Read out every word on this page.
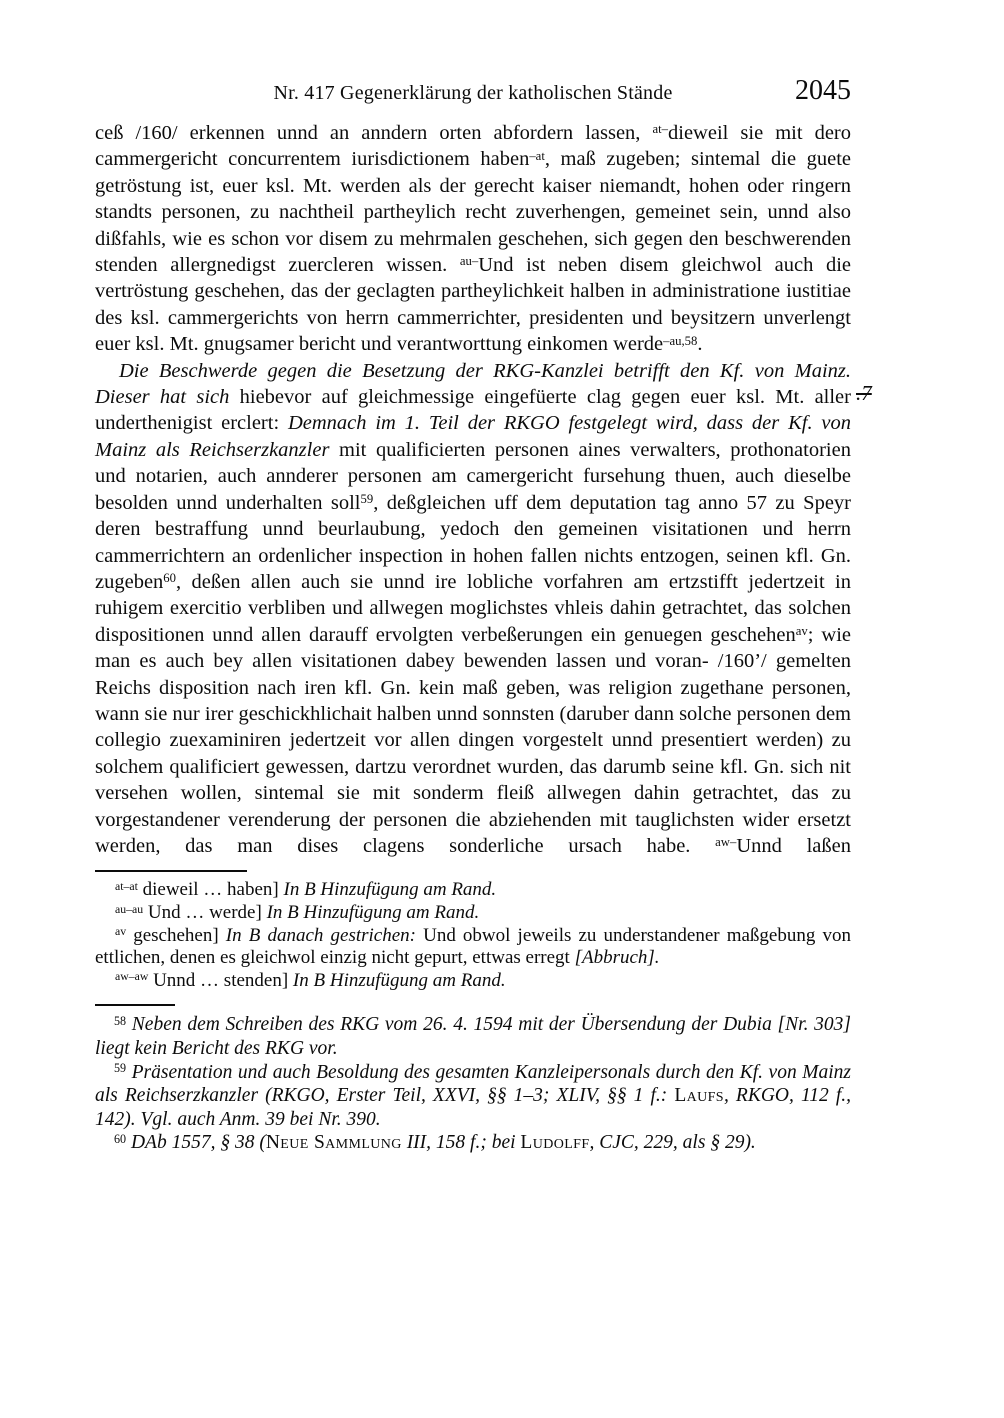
.7
Nr. 417 Gegenerklärung der katholischen Stände	2045

ceß /160/ erkennen unnd an anndern orten abfordern lassen, $^{at-}$dieweil sie mit dero cammergericht concurrentem iurisdictionem haben$^{-at}$, maß zugeben; sintemal die guete getröstung ist, euer ksl. Mt. werden als der gerecht kaiser niemandt, hohen oder ringern standts personen, zu nachtheil partheylich recht zuverhengen, gemeinet sein, unnd also dißfahls, wie es schon vor disem zu mehrmalen geschehen, sich gegen den beschwerenden stenden allergnedigst zuercleren wissen. $^{au-}$Und ist neben disem gleichwol auch die vertröstung geschehen, das der geclagten partheylichkeit halben in administratione iustitiae des ksl. cammergerichts von herrn cammerrichter, presidenten und beysitzern unverlengt euer ksl. Mt. gnugsamer bericht und verantworttung einkomen werde$^{-au,58}$.

Die Beschwerde gegen die Besetzung der RKG-Kanzlei betrifft den Kf. von Mainz. Dieser hat sich hiebevor auf gleichmessige eingefüerte clag gegen euer ksl. Mt. aller underthenigist erclert: Demnach im 1. Teil der RKGO festgelegt wird, dass der Kf. von Mainz als Reichserzkanzler mit qualificierten personen aines verwalters, prothonatorien und notarien, auch annderer personen am camergericht fursehung thuen, auch dieselbe besolden unnd underhalten soll$^{59}$, deßgleichen uff dem deputation tag anno 57 zu Speyr deren bestraffung unnd beurlaubung, yedoch den gemeinen visitationen und herrn cammerrichtern an ordenlicher inspection in hohen fallen nichts entzogen, seinen kfl. Gn. zugeben$^{60}$, deßen allen auch sie unnd ire lobliche vorfahren am ertzstifft jedertzeit in ruhigem exercitio verbliben und allwegen moglichstes vhleis dahin getrachtet, das solchen dispositionen unnd allen darauff ervolgten verbeßerungen ein genuegen geschehen$^{av}$; wie man es auch bey allen visitationen dabey bewenden lassen und voran- /160’/ gemelten Reichs disposition nach iren kfl. Gn. kein maß geben, was religion zugethane personen, wann sie nur irer geschickhlichait halben unnd sonnsten (daruber dann solche personen dem collegio zuexaminiren jedertzeit vor allen dingen vorgestelt unnd presentiert werden) zu solchem qualificiert gewessen, dartzu verordnet wurden, das darumb seine kfl. Gn. sich nit versehen wollen, sintemal sie mit sonderm fleiß allwegen dahin getrachtet, das zu vorgestandener verenderung der personen die abziehenden mit tauglichsten wider ersetzt werden, das man dises clagens sonderliche ursach habe. $^{aw-}$Unnd laßen

$^{at-at}$ dieweil … haben] In B Hinzufügung am Rand.

$^{au-au}$ Und … werde] In B Hinzufügung am Rand.

$^{av}$ geschehen] In B danach gestrichen: Und obwol jeweils zu understandener maßgebung von ettlichen, denen es gleichwol einzig nicht gepurt, ettwas erregt [Abbruch].

$^{aw-aw}$ Unnd … stenden] In B Hinzufügung am Rand.

$^{58}$ Neben dem Schreiben des RKG vom 26. 4. 1594 mit der Übersendung der Dubia [Nr. 303] liegt kein Bericht des RKG vor.

$^{59}$ Präsentation und auch Besoldung des gesamten Kanzleipersonals durch den Kf. von Mainz als Reichserzkanzler (RKGO, Erster Teil, XXVI, §§ 1–3; XLIV, §§ 1 f.: Laufs, RKGO, 112 f., 142). Vgl. auch Anm. 39 bei Nr. 390.

$^{60}$ DAb 1557, § 38 (Neue Sammlung III, 158 f.; bei Ludolff, CJC, 229, als § 29).
